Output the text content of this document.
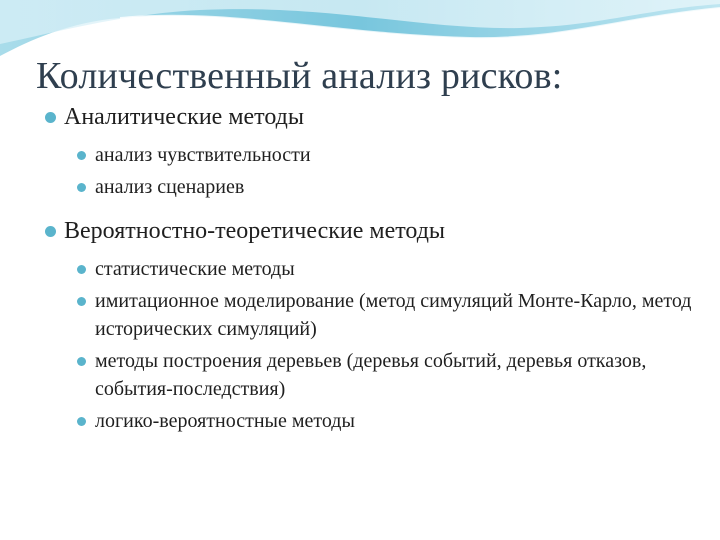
Количественный анализ рисков:
Аналитические методы
анализ чувствительности
анализ сценариев
Вероятностно-теоретические методы
статистические методы
имитационное моделирование (метод симуляций Монте-Карло, метод исторических симуляций)
методы построения деревьев (деревья событий, деревья отказов, события-последствия)
логико-вероятностные методы
